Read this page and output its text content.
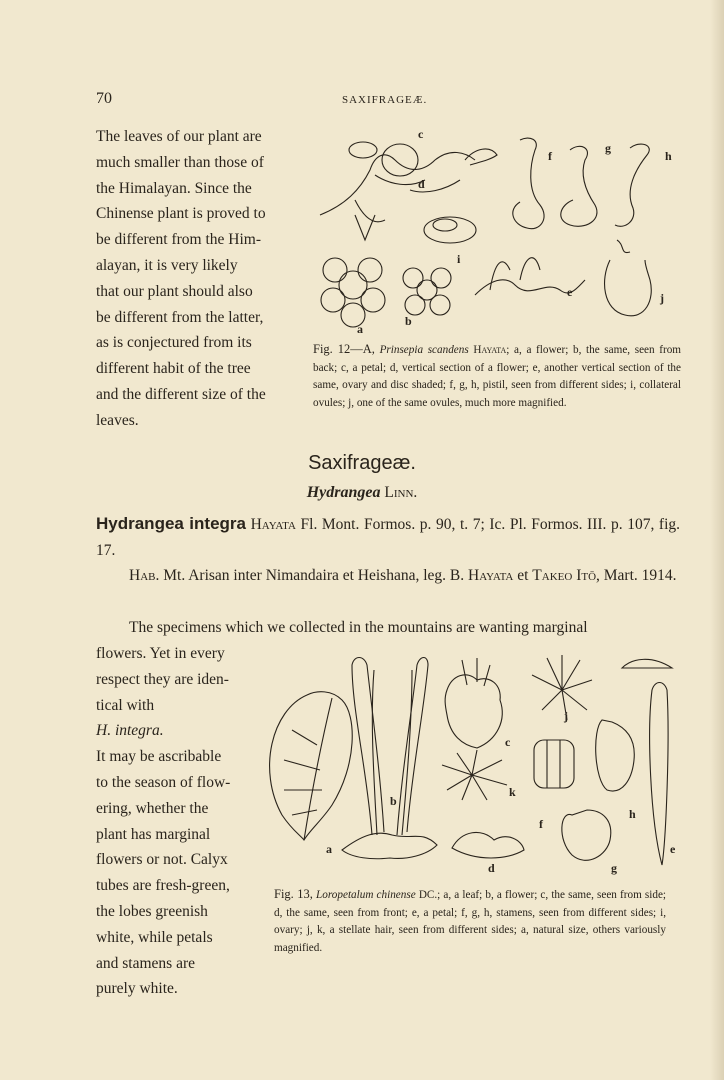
70	SAXIFRAGEÆ.
The leaves of our plant are
much smaller than those of
the Himalayan. Since the
Chinense plant is proved to
be different from the Him-
alayan, it is very likely
that our plant should also
be different from the latter,
as is conjectured from its
different habit of the tree
and the different size of the
leaves.
c
d
f
g
h
a
b
i
e	j
Fig. 12—A, Prinsepia scandens Hayata; a, a flower; b, the same, seen from back; c, a petal; d, vertical section of a flower; e, another vertical section of the same, ovary and disc shaded; f, g, h, pistil, seen from different sides; i, collateral ovules; j, one of the same ovules, much more magnified.
Saxifrageæ.
Hydrangea Linn.
Hydrangea integra Hayata Fl. Mont. Formos. p. 90, t. 7; Ic. Pl. Formos. III. p. 107, fig. 17.
Hab. Mt. Arisan inter Nimandaira et Heishana, leg. B. Hayata et Takeo Itō, Mart. 1914.
The specimens which we collected in the mountains are wanting marginal
flowers. Yet in every
respect they are iden-
tical with
H. integra.
It may be ascribable
to the season of flow-
ering, whether the
plant has marginal
flowers or not. Calyx
tubes are fresh-green,
the lobes greenish
white, while petals
and stamens are
purely white.
a
b
c
d
e
f
g
h
j
k
Fig. 13, Loropetalum chinense DC.; a, a leaf; b, a flower; c, the same, seen from side; d, the same, seen from front; e, a petal; f, g, h, stamens, seen from different sides; i, ovary; j, k, a stellate hair, seen from different sides; a, natural size, others variously magnified.
